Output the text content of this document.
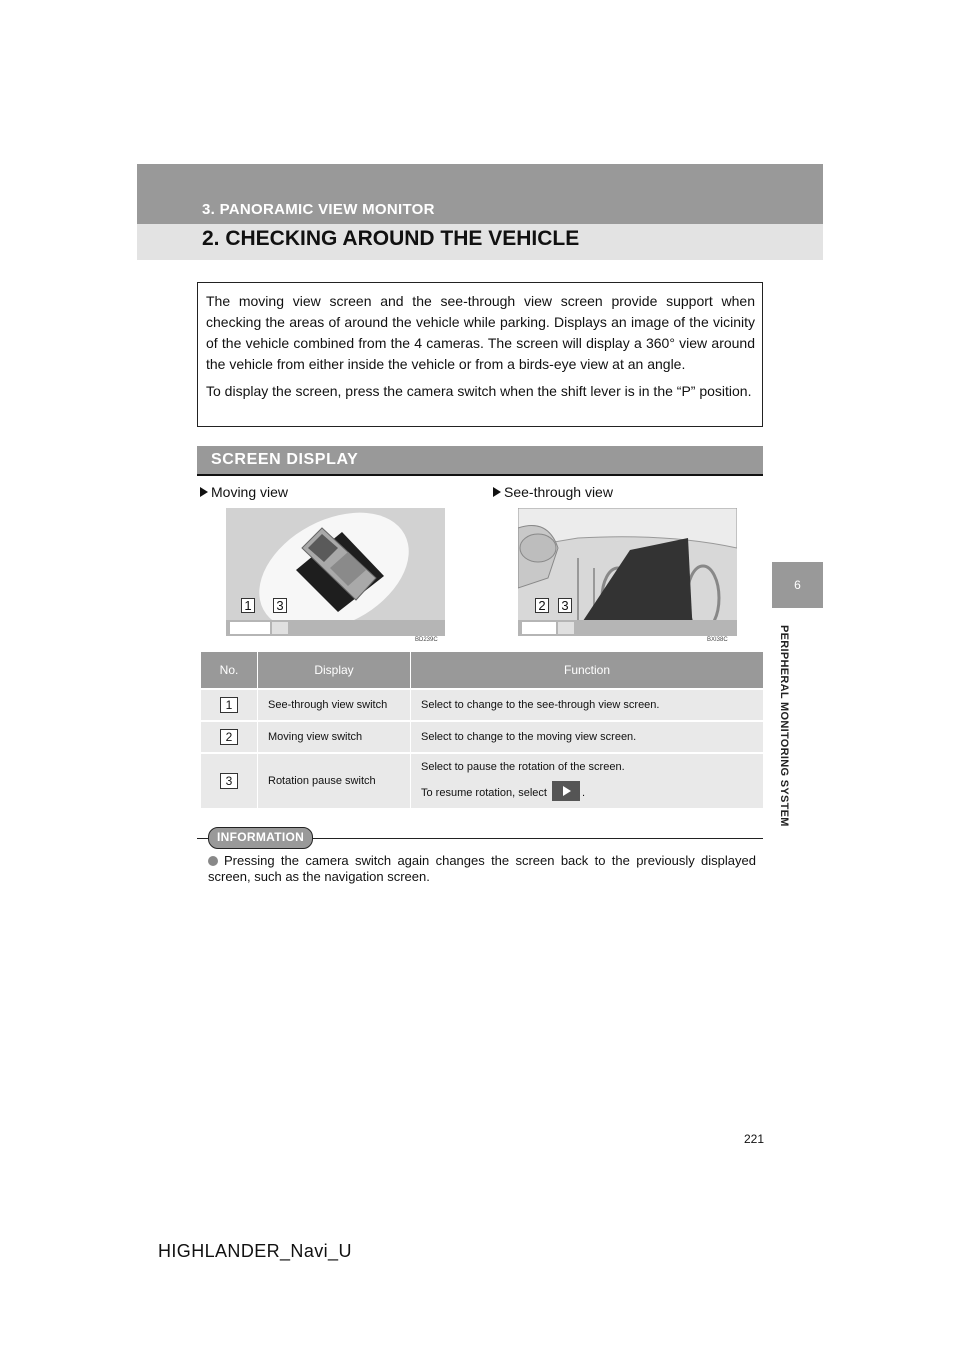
3. PANORAMIC VIEW MONITOR
2. CHECKING AROUND THE VEHICLE
6
PERIPHERAL MONITORING SYSTEM

The moving view screen and the see-through view screen provide support when checking the areas of around the vehicle while parking. Displays an image of the vicinity of the vehicle combined from the 4 cameras. The screen will display a 360° view around the vehicle from either inside the vehicle or from a birds-eye view at an angle.

To display the screen, press the camera switch when the shift lever is in the “P” position.

SCREEN DISPLAY
Moving view	See-through view
1 3
BD239C
2 3
BXI38C
No.	Display	Function

1	See-through view switch	Select to change to the see-through view screen.

2	Moving view switch	Select to change to the moving view screen.

3	Rotation pause switch	Select to pause the rotation of the screen.
To resume rotation, select .
INFORMATION
Pressing the camera switch again changes the screen back to the previously displayed screen, such as the navigation screen.
221
HIGHLANDER_Navi_U
